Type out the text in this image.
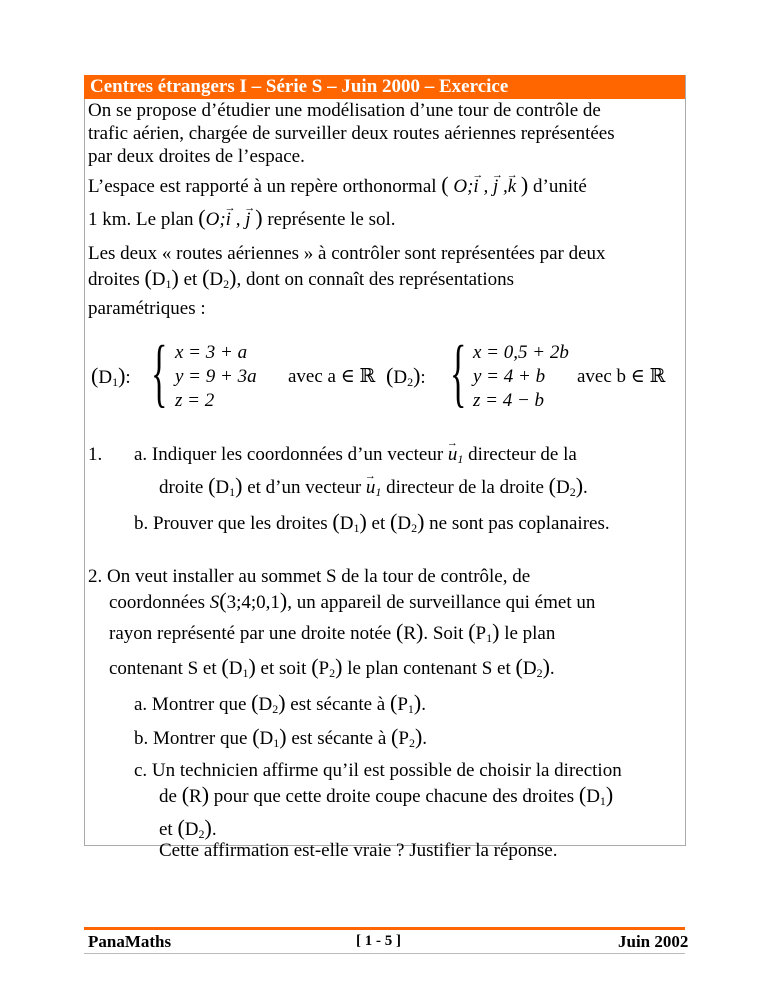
Centres étrangers I – Série S – Juin 2000 – Exercice
On se propose d’étudier une modélisation d’une tour de contrôle de
trafic aérien, chargée de surveiller deux routes aériennes représentées
par deux droites de l’espace.
L’espace est rapporté à un repère orthonormal ( O;→ i , → j ,→ k ) d’unité
1 km. Le plan (O;→ i , → j ) représente le sol.
Les deux « routes aériennes » à contrôler sont représentées par deux
droites $(D_1)$ et $(D_2)$, dont on connaît des représentations
paramétriques :
$(D_1)$: { x = 3 + a
y = 9 + 3a
z = 2
avec a ∈ ℝ $(D_2)$: { x = 0,5 + 2b
y = 4 + b
z = 4 − b
avec b ∈ ℝ
1. a. Indiquer les coordonnées d’un vecteur → $u_1$ directeur de la
droite $(D_1)$ et d’un vecteur → $u_1$ directeur de la droite $(D_2)$.
b. Prouver que les droites $(D_1)$ et $(D_2)$ ne sont pas coplanaires.
2. On veut installer au sommet S de la tour de contrôle, de
coordonnées S(3;4;0,1), un appareil de surveillance qui émet un
rayon représenté par une droite notée (R). Soit $(P_1)$ le plan
contenant S et $(D_1)$ et soit $(P_2)$ le plan contenant S et $(D_2)$.
a. Montrer que $(D_2)$ est sécante à $(P_1)$.
b. Montrer que $(D_1)$ est sécante à $(P_2)$.
c. Un technicien affirme qu’il est possible de choisir la direction
de (R) pour que cette droite coupe chacune des droites $(D_1)$
et $(D_2)$.
Cette affirmation est-elle vraie ? Justifier la réponse.
PanaMaths	[ 1 - 5 ]	Juin 2002
